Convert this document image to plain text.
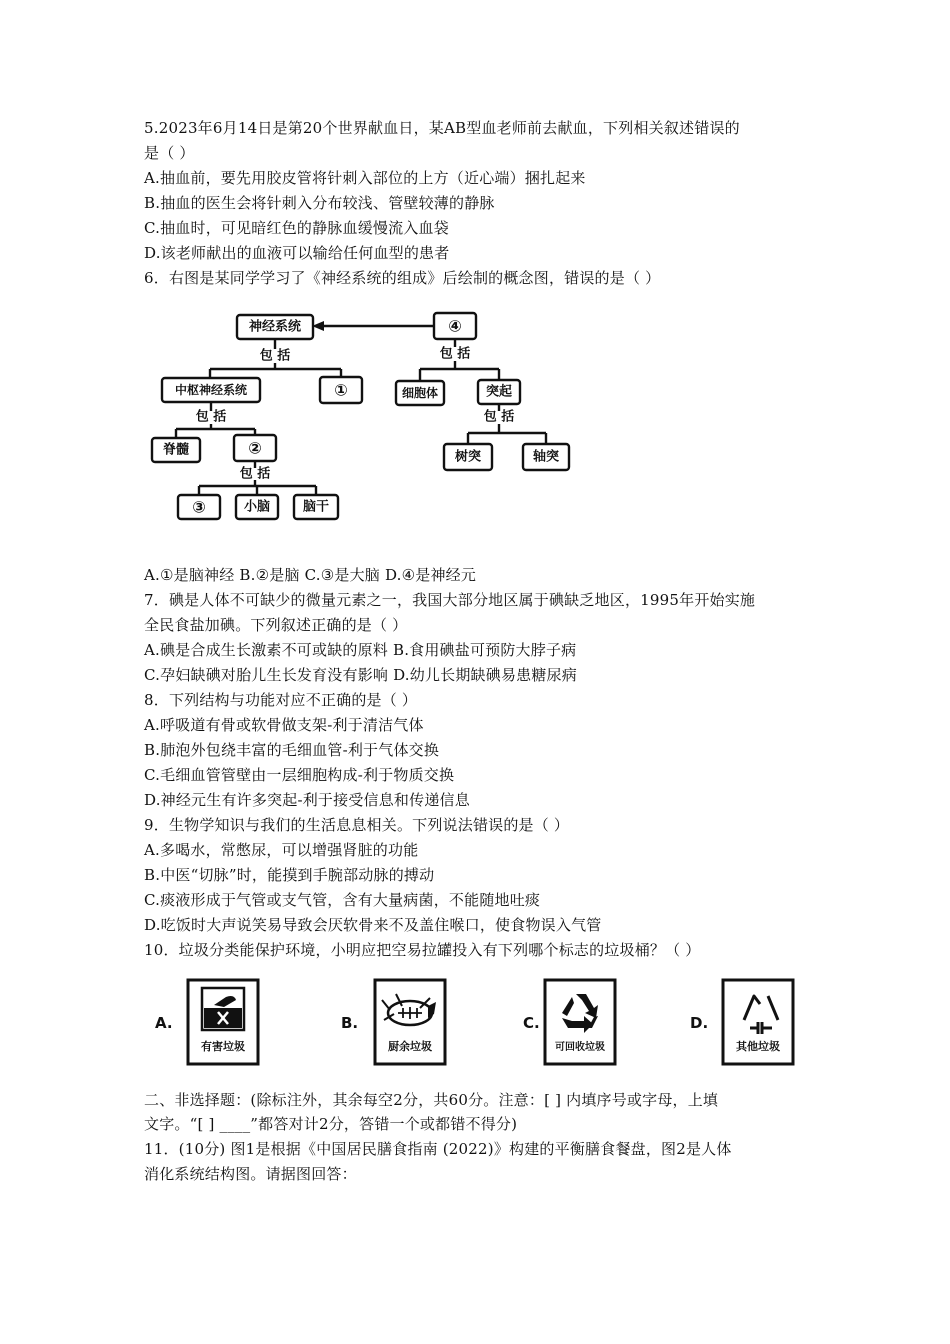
5.2023年6月14日是第20个世界献血日，某AB型血老师前去献血，下列相关叙述错误的
是（ ）
A.抽血前，要先用胶皮管将针刺入部位的上方（近心端）捆扎起来
B.抽血的医生会将针刺入分布较浅、管壁较薄的静脉
C.抽血时，可见暗红色的静脉血缓慢流入血袋
D.该老师献出的血液可以输给任何血型的患者
6．右图是某同学学习了《神经系统的组成》后绘制的概念图，错误的是（ ）
神经系统	④
包 括	包 括
中枢神经系统	①	细胞体	突起
包 括	包 括
脊髓	②	树突	轴突
包 括
③	小脑	脑干
A.①是脑神经 B.②是脑 C.③是大脑 D.④是神经元
7．碘是人体不可缺少的微量元素之一，我国大部分地区属于碘缺乏地区，1995年开始实施
全民食盐加碘。下列叙述正确的是（ ）
A.碘是合成生长激素不可或缺的原料 B.食用碘盐可预防大脖子病
C.孕妇缺碘对胎儿生长发育没有影响 D.幼儿长期缺碘易患糖尿病
8．下列结构与功能对应不正确的是（ ）
A.呼吸道有骨或软骨做支架-利于清洁气体
B.肺泡外包绕丰富的毛细血管-利于气体交换
C.毛细血管管壁由一层细胞构成-利于物质交换
D.神经元生有许多突起-利于接受信息和传递信息
9．生物学知识与我们的生活息息相关。下列说法错误的是（ ）
A.多喝水，常憋尿，可以增强肾脏的功能
B.中医“切脉”时，能摸到手腕部动脉的搏动
C.痰液形成于气管或支气管，含有大量病菌，不能随地吐痰
D.吃饭时大声说笑易导致会厌软骨来不及盖住喉口，使食物误入气管
10．垃圾分类能保护环境，小明应把空易拉罐投入有下列哪个标志的垃圾桶？（ ）
A.	B.	C.	D.
有害垃圾	厨余垃圾	可回收垃圾	其他垃圾
二、非选择题：(除标注外，其余每空2分，共60分。注意：[ ] 内填序号或字母，上填
文字。“[ ] ____”都答对计2分，答错一个或都错不得分)
11．(10分) 图1是根据《中国居民膳食指南 (2022)》构建的平衡膳食餐盘，图2是人体
消化系统结构图。请据图回答：
